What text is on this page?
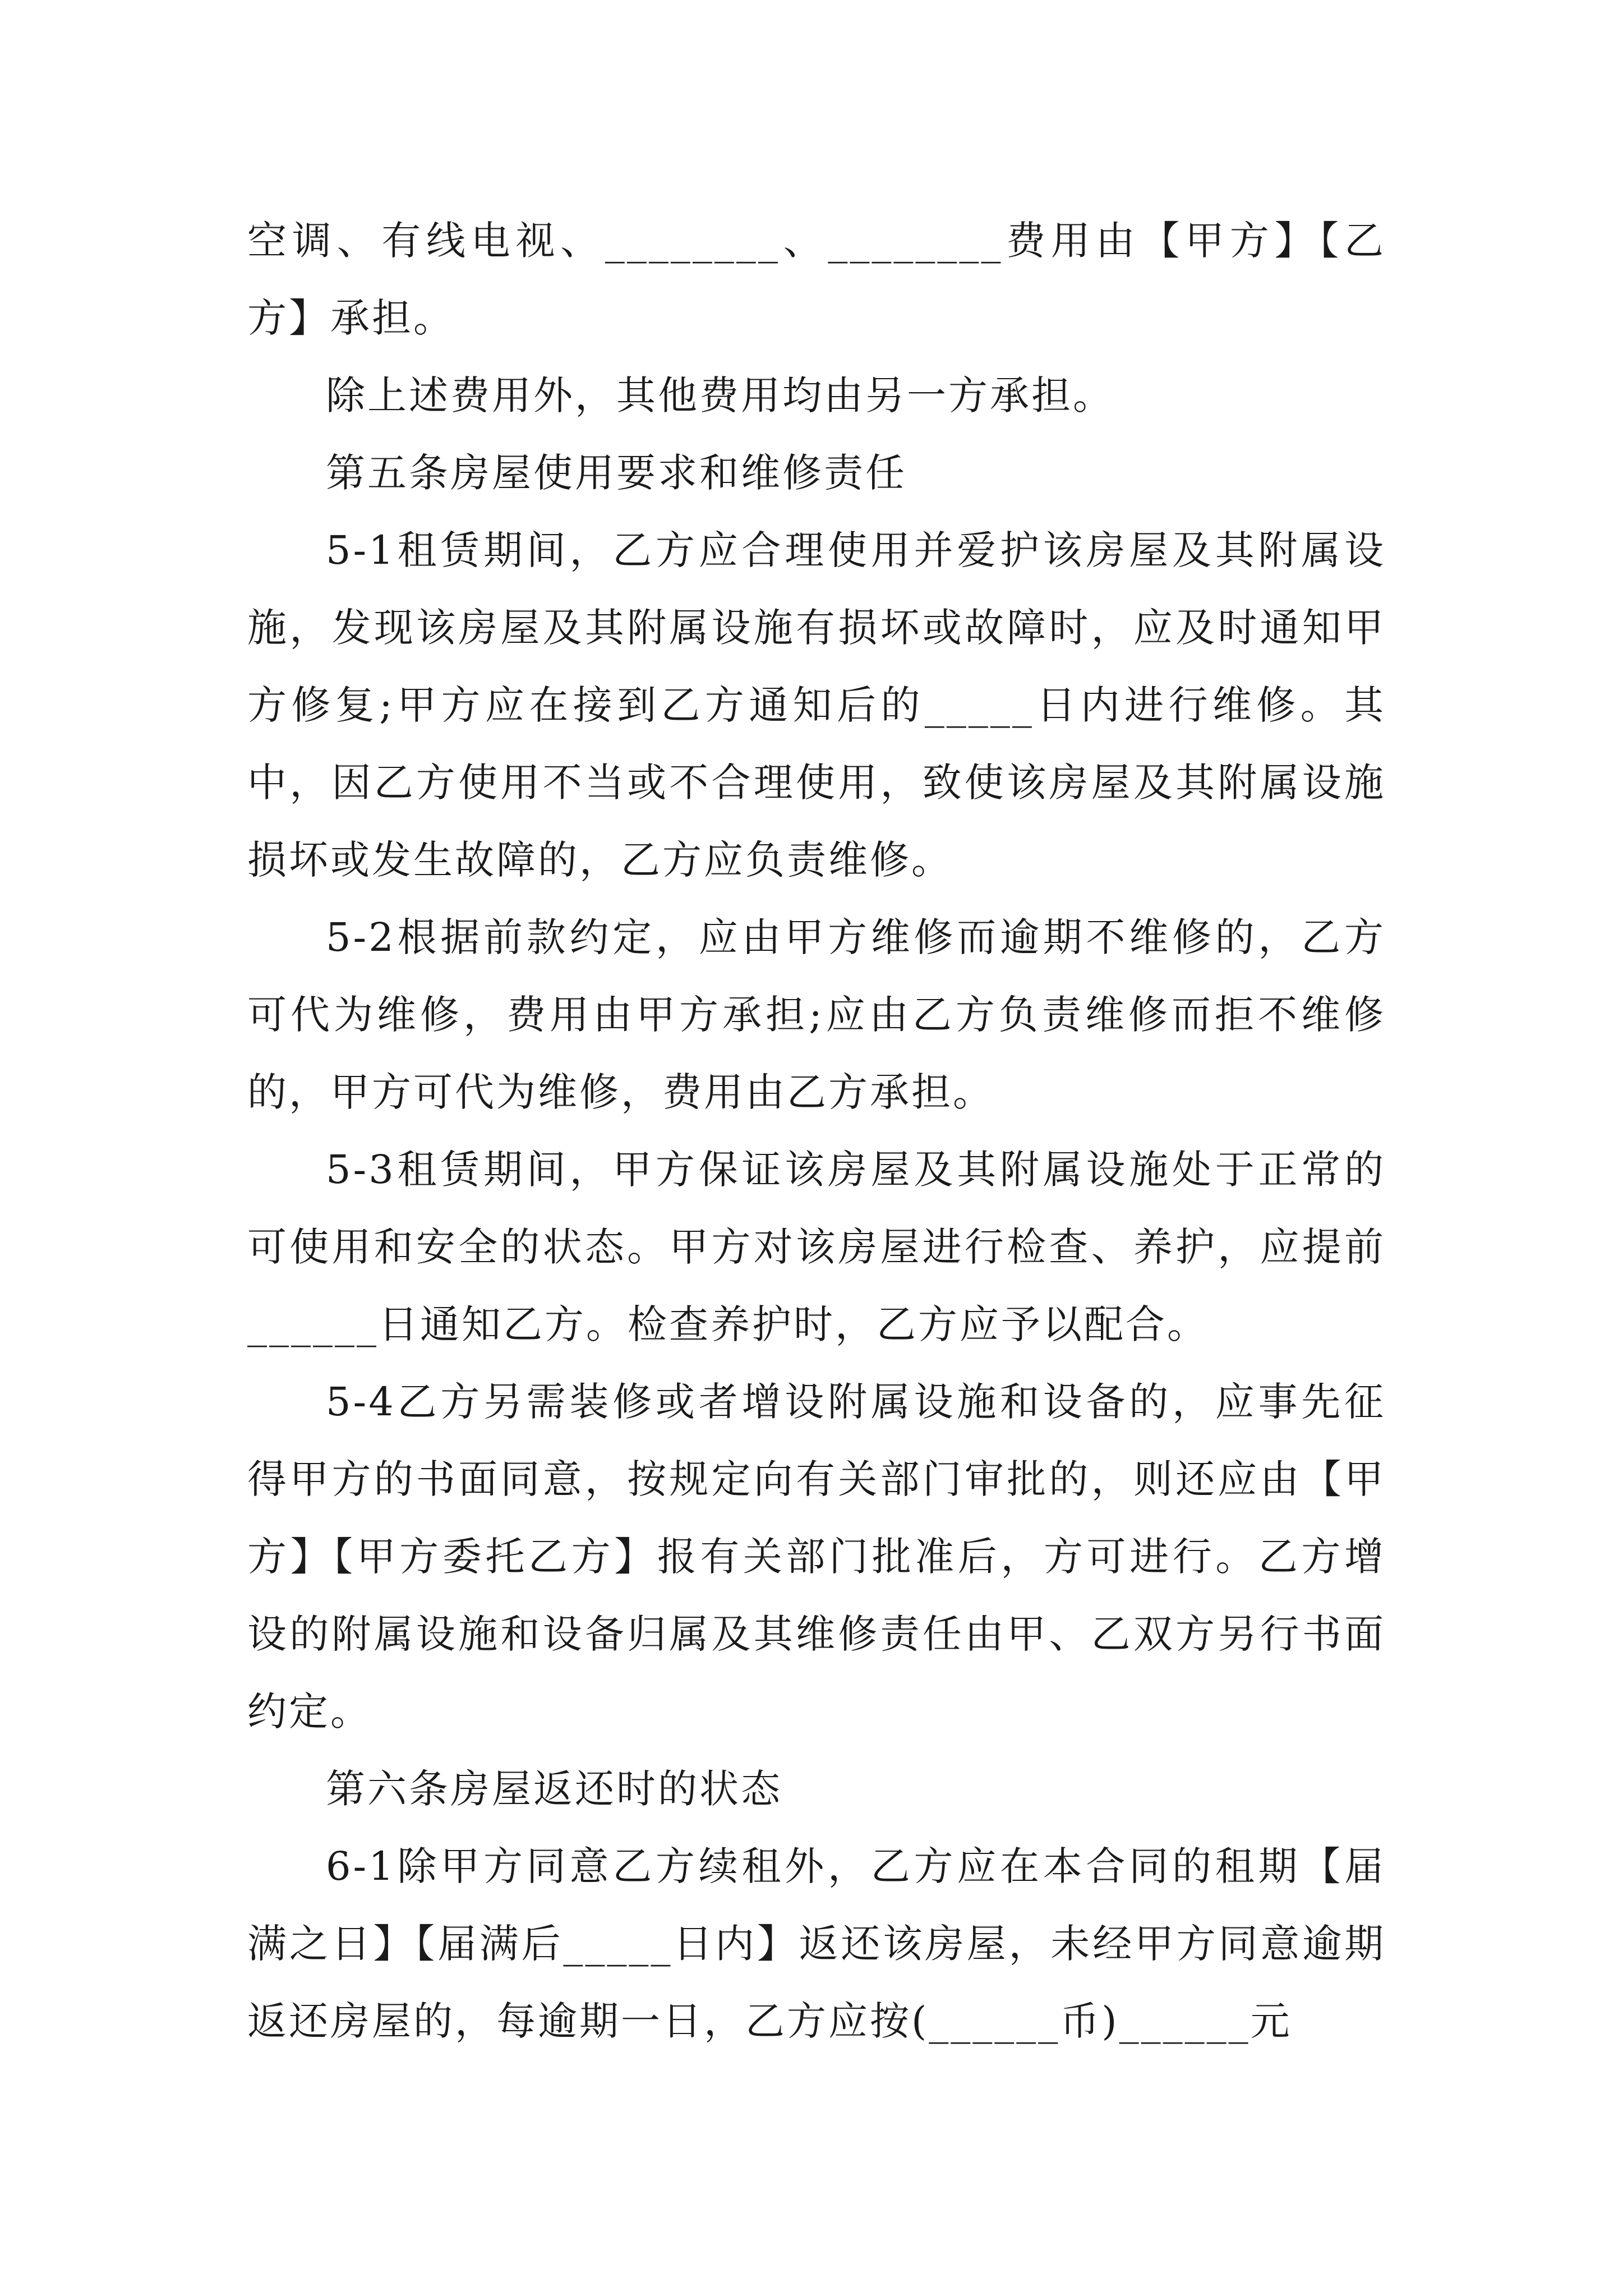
空调、有线电视、________、________费用由【甲方】【乙方】承担。

除上述费用外，其他费用均由另一方承担。

第五条房屋使用要求和维修责任

5-1租赁期间，乙方应合理使用并爱护该房屋及其附属设施，发现该房屋及其附属设施有损坏或故障时，应及时通知甲方修复;甲方应在接到乙方通知后的_____日内进行维修。其中，因乙方使用不当或不合理使用，致使该房屋及其附属设施损坏或发生故障的，乙方应负责维修。

5-2根据前款约定，应由甲方维修而逾期不维修的，乙方可代为维修，费用由甲方承担;应由乙方负责维修而拒不维修的，甲方可代为维修，费用由乙方承担。

5-3租赁期间，甲方保证该房屋及其附属设施处于正常的可使用和安全的状态。甲方对该房屋进行检查、养护，应提前______日通知乙方。检查养护时，乙方应予以配合。

5-4乙方另需装修或者增设附属设施和设备的，应事先征得甲方的书面同意，按规定向有关部门审批的，则还应由【甲方】【甲方委托乙方】报有关部门批准后，方可进行。乙方增设的附属设施和设备归属及其维修责任由甲、乙双方另行书面约定。

第六条房屋返还时的状态

6-1除甲方同意乙方续租外，乙方应在本合同的租期【届满之日】【届满后_____日内】返还该房屋，未经甲方同意逾期返还房屋的，每逾期一日，乙方应按(______币)______元
